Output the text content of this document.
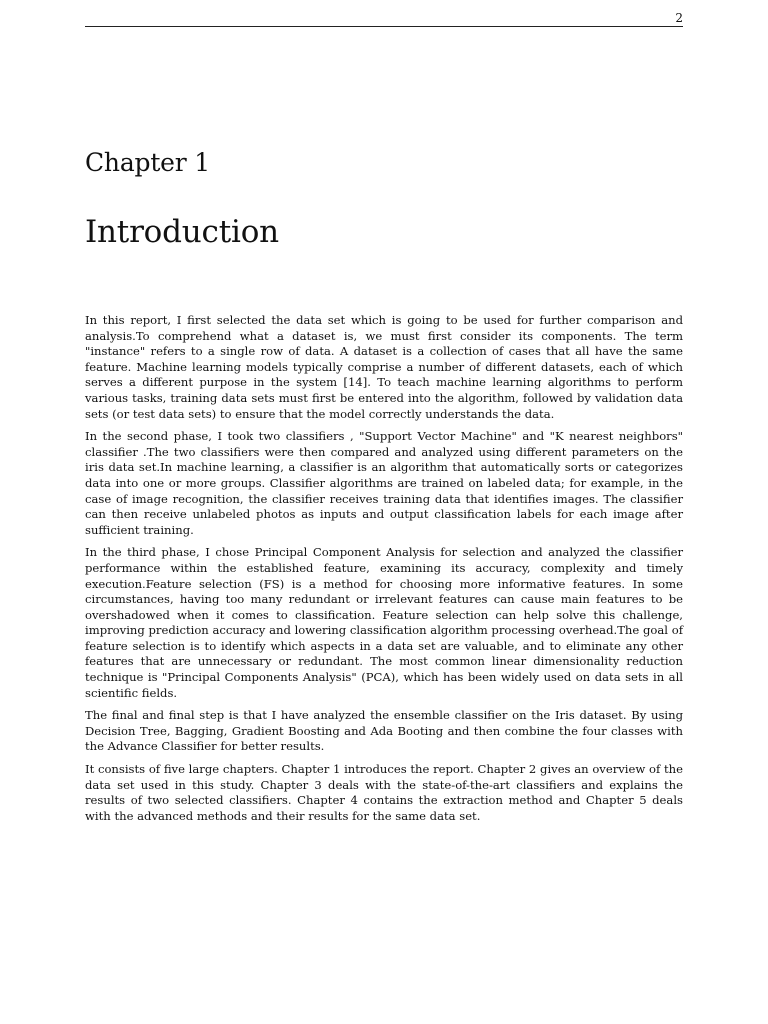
2
Chapter 1
Introduction

In this report, I first selected the data set which is going to be used for further comparison and analysis.To comprehend what a dataset is, we must first consider its components. The term "instance" refers to a single row of data. A dataset is a collection of cases that all have the same feature. Machine learning models typically comprise a number of different datasets, each of which serves a different purpose in the system [14]. To teach machine learning algorithms to perform various tasks, training data sets must first be entered into the algorithm, followed by validation data sets (or test data sets) to ensure that the model correctly understands the data.

In the second phase, I took two classifiers , "Support Vector Machine" and "K nearest neighbors" classifier .The two classifiers were then compared and analyzed using different parameters on the iris data set.In machine learning, a classifier is an algorithm that automatically sorts or categorizes data into one or more groups. Classifier algorithms are trained on labeled data; for example, in the case of image recognition, the classifier receives training data that identifies images. The classifier can then receive unlabeled photos as inputs and output classification labels for each image after sufficient training.

In the third phase, I chose Principal Component Analysis for selection and analyzed the classifier performance within the established feature, examining its accuracy, complexity and timely execution.Feature selection (FS) is a method for choosing more informative features. In some circumstances, having too many redundant or irrelevant features can cause main features to be overshadowed when it comes to classification. Feature selection can help solve this challenge, improving prediction accuracy and lowering classification algorithm processing overhead.The goal of feature selection is to identify which aspects in a data set are valuable, and to eliminate any other features that are unnecessary or redundant. The most common linear dimensionality reduction technique is "Principal Components Analysis" (PCA), which has been widely used on data sets in all scientific fields.

The final and final step is that I have analyzed the ensemble classifier on the Iris dataset. By using Decision Tree, Bagging, Gradient Boosting and Ada Booting and then combine the four classes with the Advance Classifier for better results.

It consists of five large chapters. Chapter 1 introduces the report. Chapter 2 gives an overview of the data set used in this study. Chapter 3 deals with the state-of-the-art classifiers and explains the results of two selected classifiers. Chapter 4 contains the extraction method and Chapter 5 deals with the advanced methods and their results for the same data set.
